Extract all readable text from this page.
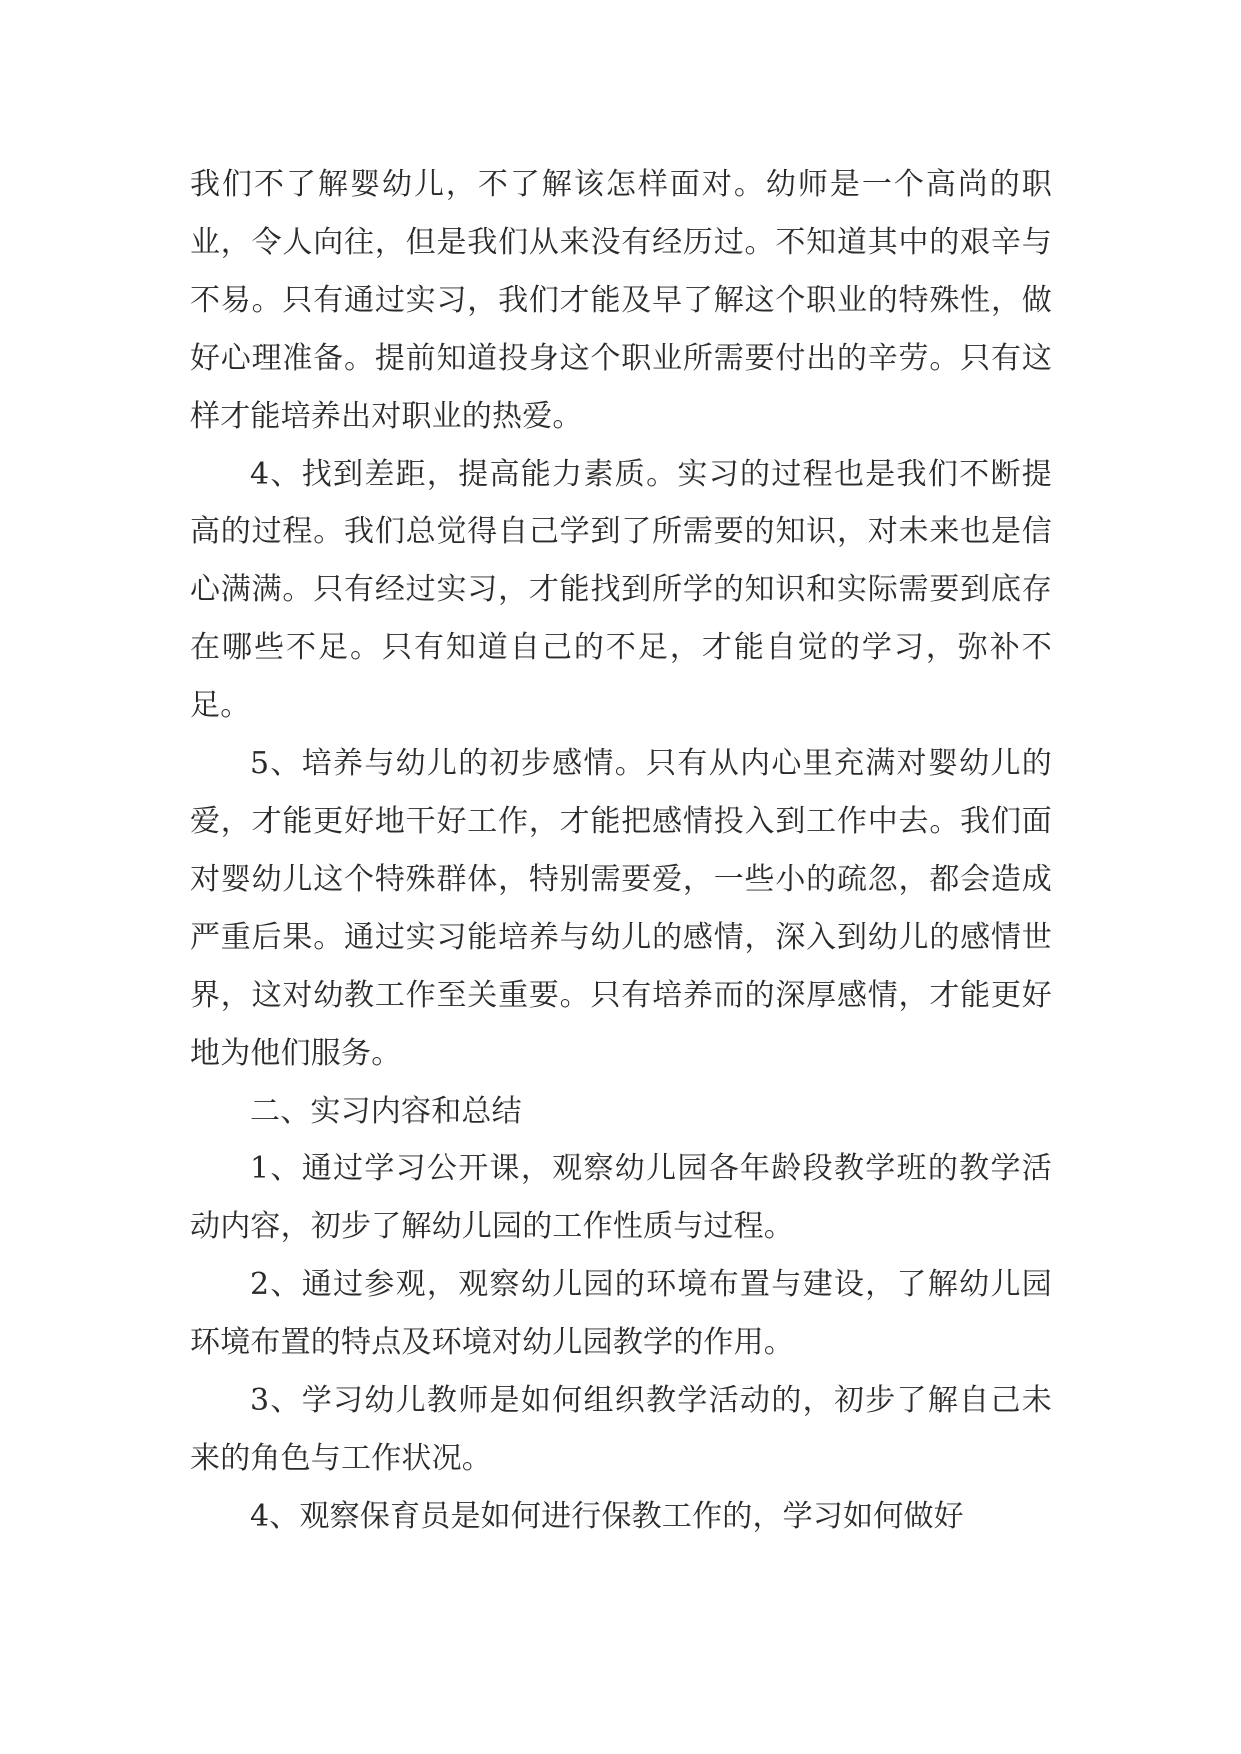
我们不了解婴幼儿，不了解该怎样面对。幼师是一个高尚的职业，令人向往，但是我们从来没有经历过。不知道其中的艰辛与不易。只有通过实习，我们才能及早了解这个职业的特殊性，做好心理准备。提前知道投身这个职业所需要付出的辛劳。只有这样才能培养出对职业的热爱。

4、找到差距，提高能力素质。实习的过程也是我们不断提高的过程。我们总觉得自己学到了所需要的知识，对未来也是信心满满。只有经过实习，才能找到所学的知识和实际需要到底存在哪些不足。只有知道自己的不足，才能自觉的学习，弥补不足。

5、培养与幼儿的初步感情。只有从内心里充满对婴幼儿的爱，才能更好地干好工作，才能把感情投入到工作中去。我们面对婴幼儿这个特殊群体，特别需要爱，一些小的疏忽，都会造成严重后果。通过实习能培养与幼儿的感情，深入到幼儿的感情世界，这对幼教工作至关重要。只有培养而的深厚感情，才能更好地为他们服务。

二、实习内容和总结

1、通过学习公开课，观察幼儿园各年龄段教学班的教学活动内容，初步了解幼儿园的工作性质与过程。

2、通过参观，观察幼儿园的环境布置与建设，了解幼儿园环境布置的特点及环境对幼儿园教学的作用。

3、学习幼儿教师是如何组织教学活动的，初步了解自己未来的角色与工作状况。

4、观察保育员是如何进行保教工作的，学习如何做好
